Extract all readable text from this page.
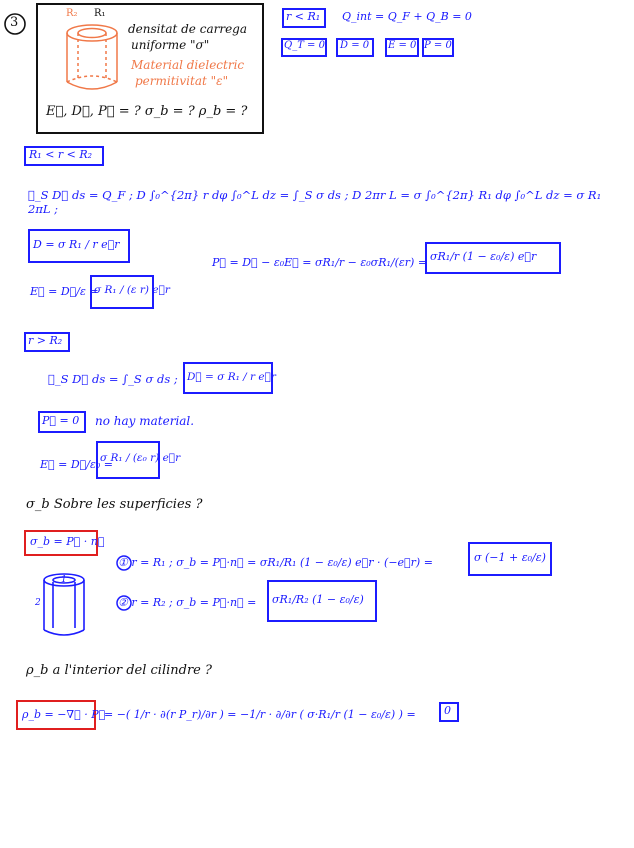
3
R₂ R₁
densitat de carrega
uniforme "σ"
Material dielectric
permitivitat "ε"
E⃗, D⃗, P⃗ = ? σ_b = ? ρ_b = ?
r < R₁ Q_int = Q_F + Q_B = 0
Q_T = 0 D = 0 E = 0 P = 0
R₁ < r < R₂
∮_S D⃗ ds = Q_F ; D ∫₀^{2π} r dφ ∫₀^L dz = ∫_S σ ds ; D 2πr L = σ ∫₀^{2π} R₁ dφ ∫₀^L dz = σ R₁ 2πL ;
D = σ R₁ / r e⃗r
P⃗ = D⃗ − ε₀E⃗ = σR₁/r − ε₀σR₁/(εr) = σR₁/r (1 − ε₀/ε) e⃗r
E⃗ = D⃗/ε =
σ R₁ / (ε r) e⃗r
r > R₂
∮_S D⃗ ds = ∫_S σ ds ; D⃗ = σ R₁ / r e⃗r
P⃗ = 0 no hay material.
E⃗ = D⃗/ε₀ =
σ R₁ / (ε₀ r) e⃗r
σ_b Sobre les superficies ?
σ_b = P⃗ · n⃗
① r = R₁ ; σ_b = P⃗·n⃗ = σR₁/R₁ (1 − ε₀/ε) e⃗r · (−e⃗r) =	σ (−1 + ε₀/ε)
② r = R₂ ; σ_b = P⃗·n⃗ = σR₁/R₂ (1 − ε₀/ε)
1
2
ρ_b a l'interior del cilindre ?
ρ_b = −∇⃗ · P⃗
= −( 1/r · ∂(r P_r)/∂r ) = −1/r · ∂/∂r ( σ·R₁/r (1 − ε₀/ε) ) =	0
